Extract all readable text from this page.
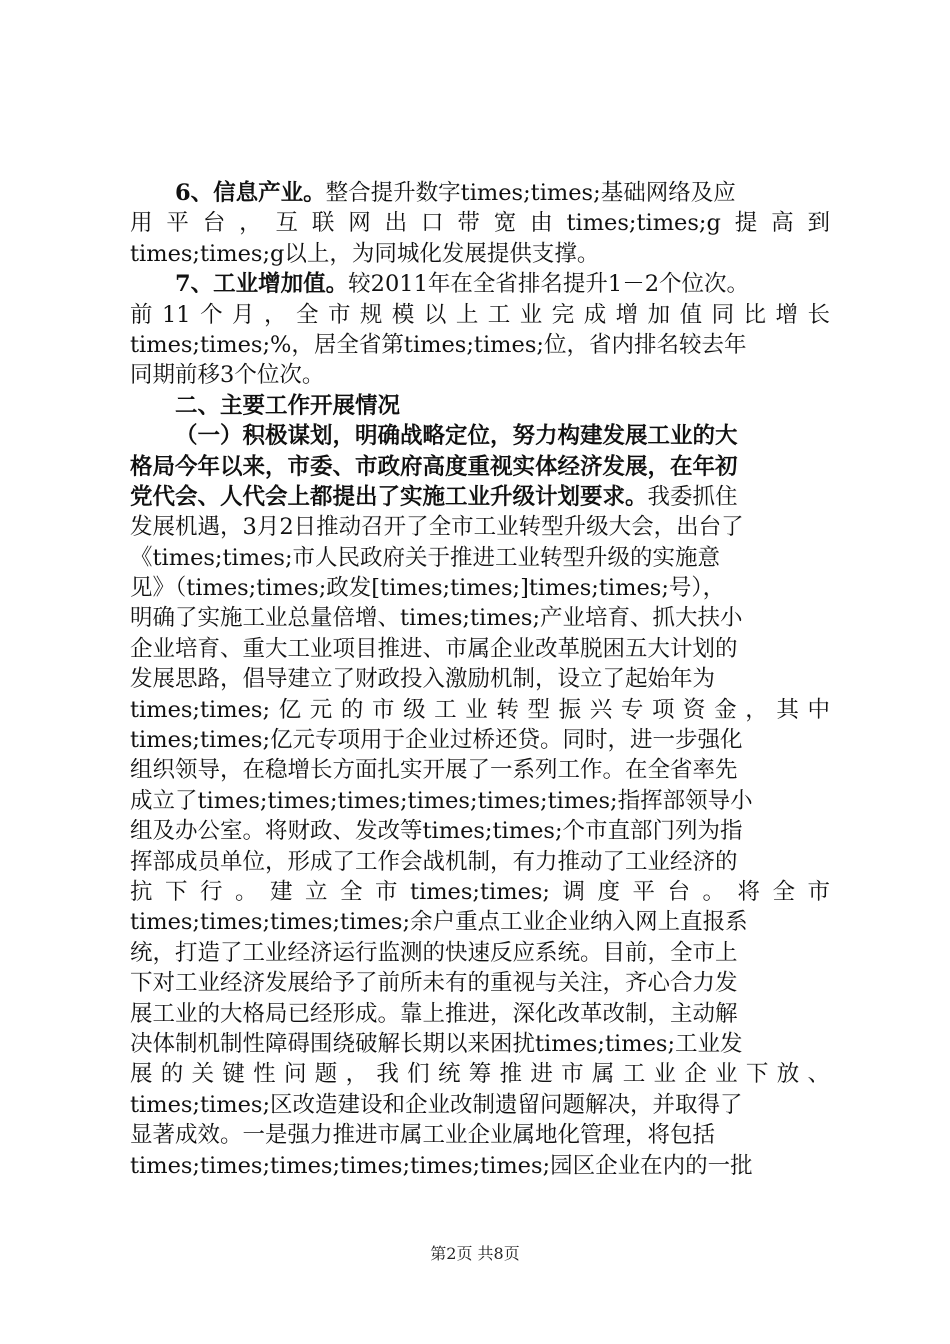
6、信息产业。整合提升数字times;times;基础网络及应
用平台，互联网出口带宽由times;times;g提高到
times;times;g以上，为同城化发展提供支撑。
7、工业增加值。较2011年在全省排名提升1－2个位次。
前11个月，全市规模以上工业完成增加值同比增长
times;times;%，居全省第times;times;位，省内排名较去年
同期前移3个位次。
二、主要工作开展情况
（一）积极谋划，明确战略定位，努力构建发展工业的大
格局今年以来，市委、市政府高度重视实体经济发展，在年初
党代会、人代会上都提出了实施工业升级计划要求。我委抓住
发展机遇，3月2日推动召开了全市工业转型升级大会，出台了
《times;times;市人民政府关于推进工业转型升级的实施意
见》（times;times;政发[times;times;]times;times;号），
明确了实施工业总量倍增、times;times;产业培育、抓大扶小
企业培育、重大工业项目推进、市属企业改革脱困五大计划的
发展思路，倡导建立了财政投入激励机制，设立了起始年为
times;times;亿元的市级工业转型振兴专项资金，其中
times;times;亿元专项用于企业过桥还贷。同时，进一步强化
组织领导，在稳增长方面扎实开展了一系列工作。在全省率先
成立了times;times;times;times;times;times;指挥部领导小
组及办公室。将财政、发改等times;times;个市直部门列为指
挥部成员单位，形成了工作会战机制，有力推动了工业经济的
抗下行。建立全市times;times;调度平台。将全市
times;times;times;times;余户重点工业企业纳入网上直报系
统，打造了工业经济运行监测的快速反应系统。目前，全市上
下对工业经济发展给予了前所未有的重视与关注，齐心合力发
展工业的大格局已经形成。靠上推进，深化改革改制，主动解
决体制机制性障碍围绕破解长期以来困扰times;times;工业发
展的关键性问题，我们统筹推进市属工业企业下放、
times;times;区改造建设和企业改制遗留问题解决，并取得了
显著成效。一是强力推进市属工业企业属地化管理，将包括
times;times;times;times;times;times;园区企业在内的一批
第2页 共8页
